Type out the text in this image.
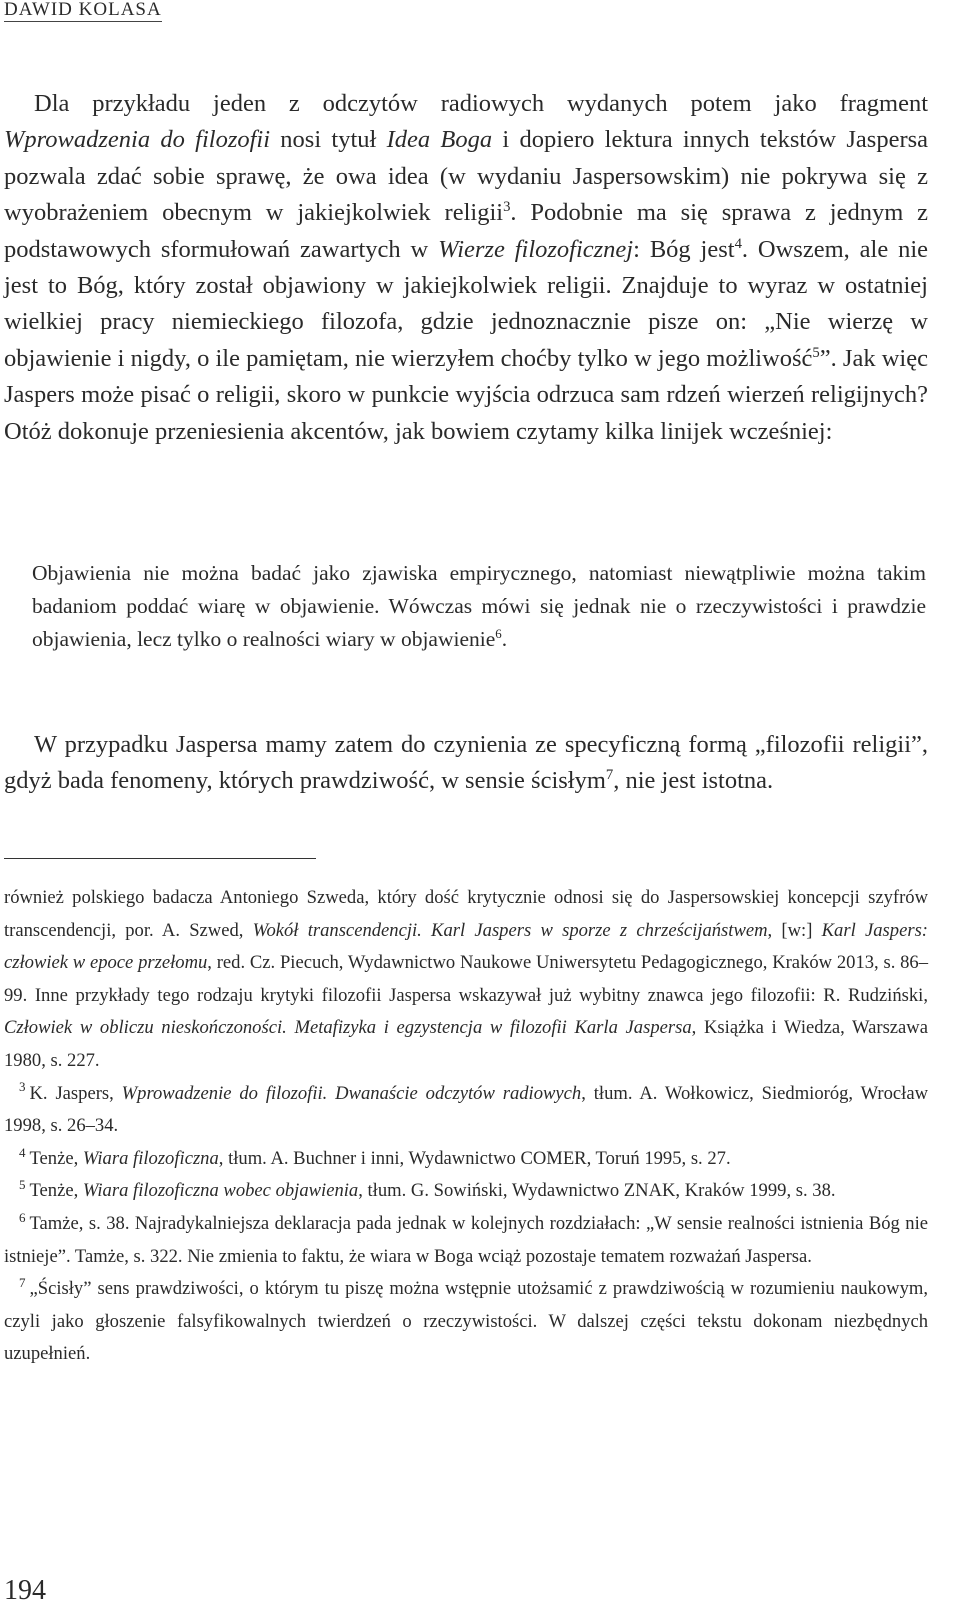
DAWID KOLASA

Dla przykładu jeden z odczytów radiowych wydanych potem jako fragment Wprowadzenia do filozofii nosi tytuł Idea Boga i dopiero lektura innych tekstów Jaspersa pozwala zdać sobie sprawę, że owa idea (w wydaniu Jaspersowskim) nie pokrywa się z wyobrażeniem obecnym w jakiejkolwiek religii$^3$. Podobnie ma się sprawa z jednym z podstawowych sformułowań zawartych w Wierze filozoficznej: Bóg jest$^4$. Owszem, ale nie jest to Bóg, który został objawiony w jakiejkolwiek religii. Znajduje to wyraz w ostatniej wielkiej pracy niemieckiego filozofa, gdzie jednoznacznie pisze on: „Nie wierzę w objawienie i nigdy, o ile pamiętam, nie wierzyłem choćby tylko w jego możliwość$^5$”. Jak więc Jaspers może pisać o religii, skoro w punkcie wyjścia odrzuca sam rdzeń wierzeń religijnych? Otóż dokonuje przeniesienia akcentów, jak bowiem czytamy kilka linijek wcześniej:

Objawienia nie można badać jako zjawiska empirycznego, natomiast niewątpliwie można takim badaniom poddać wiarę w objawienie. Wówczas mówi się jednak nie o rzeczywistości i prawdzie objawienia, lecz tylko o realności wiary w objawienie$^6$.

W przypadku Jaspersa mamy zatem do czynienia ze specyficzną formą „filozofii religii”, gdyż bada fenomeny, których prawdziwość, w sensie ścisłym$^7$, nie jest istotna.

również polskiego badacza Antoniego Szweda, który dość krytycznie odnosi się do Jaspersowskiej koncepcji szyfrów transcendencji, por. A. Szwed, Wokół transcendencji. Karl Jaspers w sporze z chrześcijaństwem, [w:] Karl Jaspers: człowiek w epoce przełomu, red. Cz. Piecuch, Wydawnictwo Naukowe Uniwersytetu Pedagogicznego, Kraków 2013, s. 86–99. Inne przykłady tego rodzaju krytyki filozofii Jaspersa wskazywał już wybitny znawca jego filozofii: R. Rudziński, Człowiek w obliczu nieskończoności. Metafizyka i egzystencja w filozofii Karla Jaspersa, Książka i Wiedza, Warszawa 1980, s. 227.

$^3$ K. Jaspers, Wprowadzenie do filozofii. Dwanaście odczytów radiowych, tłum. A. Wołkowicz, Siedmioróg, Wrocław 1998, s. 26–34.

$^4$ Tenże, Wiara filozoficzna, tłum. A. Buchner i inni, Wydawnictwo COMER, Toruń 1995, s. 27.

$^5$ Tenże, Wiara filozoficzna wobec objawienia, tłum. G. Sowiński, Wydawnictwo ZNAK, Kraków 1999, s. 38.

$^6$ Tamże, s. 38. Najradykalniejsza deklaracja pada jednak w kolejnych rozdziałach: „W sensie realności istnienia Bóg nie istnieje”. Tamże, s. 322. Nie zmienia to faktu, że wiara w Boga wciąż pozostaje tematem rozważań Jaspersa.

$^7$ „Ścisły” sens prawdziwości, o którym tu piszę można wstępnie utożsamić z prawdziwością w rozumieniu naukowym, czyli jako głoszenie falsyfikowalnych twierdzeń o rzeczywistości. W dalszej części tekstu dokonam niezbędnych uzupełnień.

194
